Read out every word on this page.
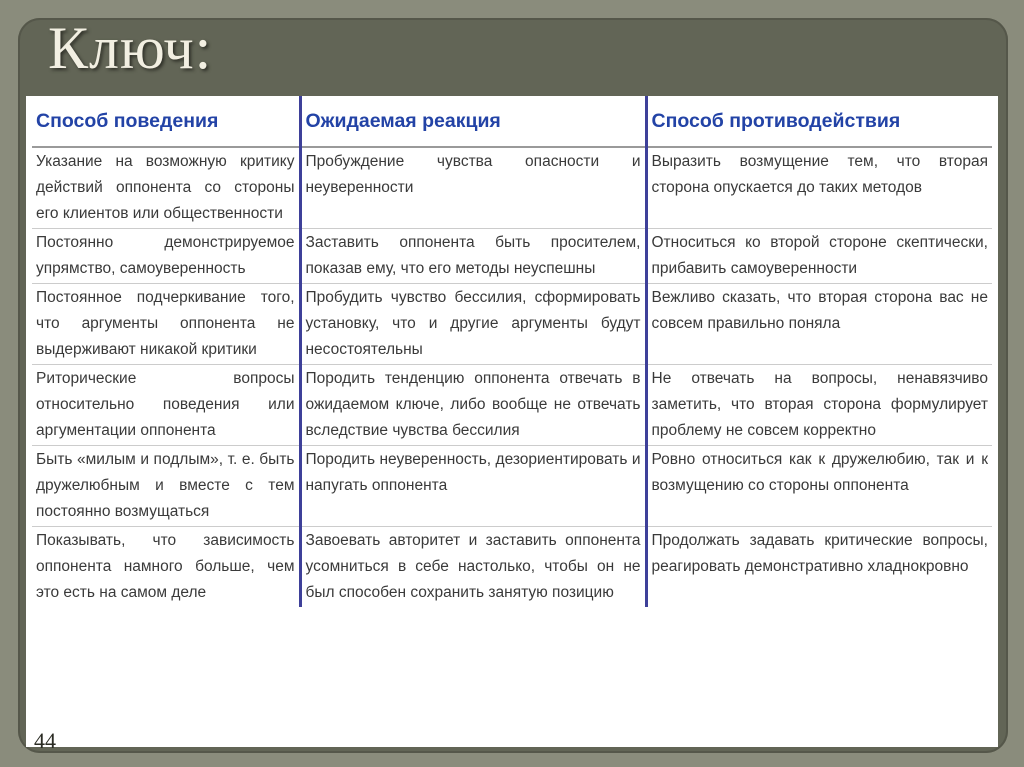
Ключ:
Способ поведения	Ожидаемая реакция	Способ противодействия
Указание на возможную критику действий оппонента со стороны его клиентов или общественности	Пробуждение чувства опасности и неуверенности	Выразить возмущение тем, что вторая сторона опускается до таких методов
Постоянно демонстрируемое упрямство, самоуверенность	Заставить оппонента быть просителем, показав ему, что его методы неуспешны	Относиться ко второй стороне скептически, прибавить самоуверенности
Постоянное подчеркивание того, что аргументы оппонента не выдерживают никакой критики	Пробудить чувство бессилия, сформировать установку, что и другие аргументы будут несостоятельны	Вежливо сказать, что вторая сторона вас не совсем правильно поняла
Риторические вопросы относительно поведения или аргументации оппонента	Породить тенденцию оппонента отвечать в ожидаемом ключе, либо вообще не отвечать вследствие чувства бессилия	Не отвечать на вопросы, ненавязчиво заметить, что вторая сторона формулирует проблему не совсем корректно
Быть «милым и подлым», т. е. быть дружелюбным и вместе с тем постоянно возмущаться	Породить неуверенность, дезориентировать и напугать оппонента	Ровно относиться как к дружелюбию, так и к возмущению со стороны оппонента
Показывать, что зависимость оппонента намного больше, чем это есть на самом деле	Завоевать авторитет и заставить оппонента усомниться в себе настолько, чтобы он не был способен сохранить занятую позицию	Продолжать задавать критические вопросы, реагировать демонстративно хладнокровно
44
